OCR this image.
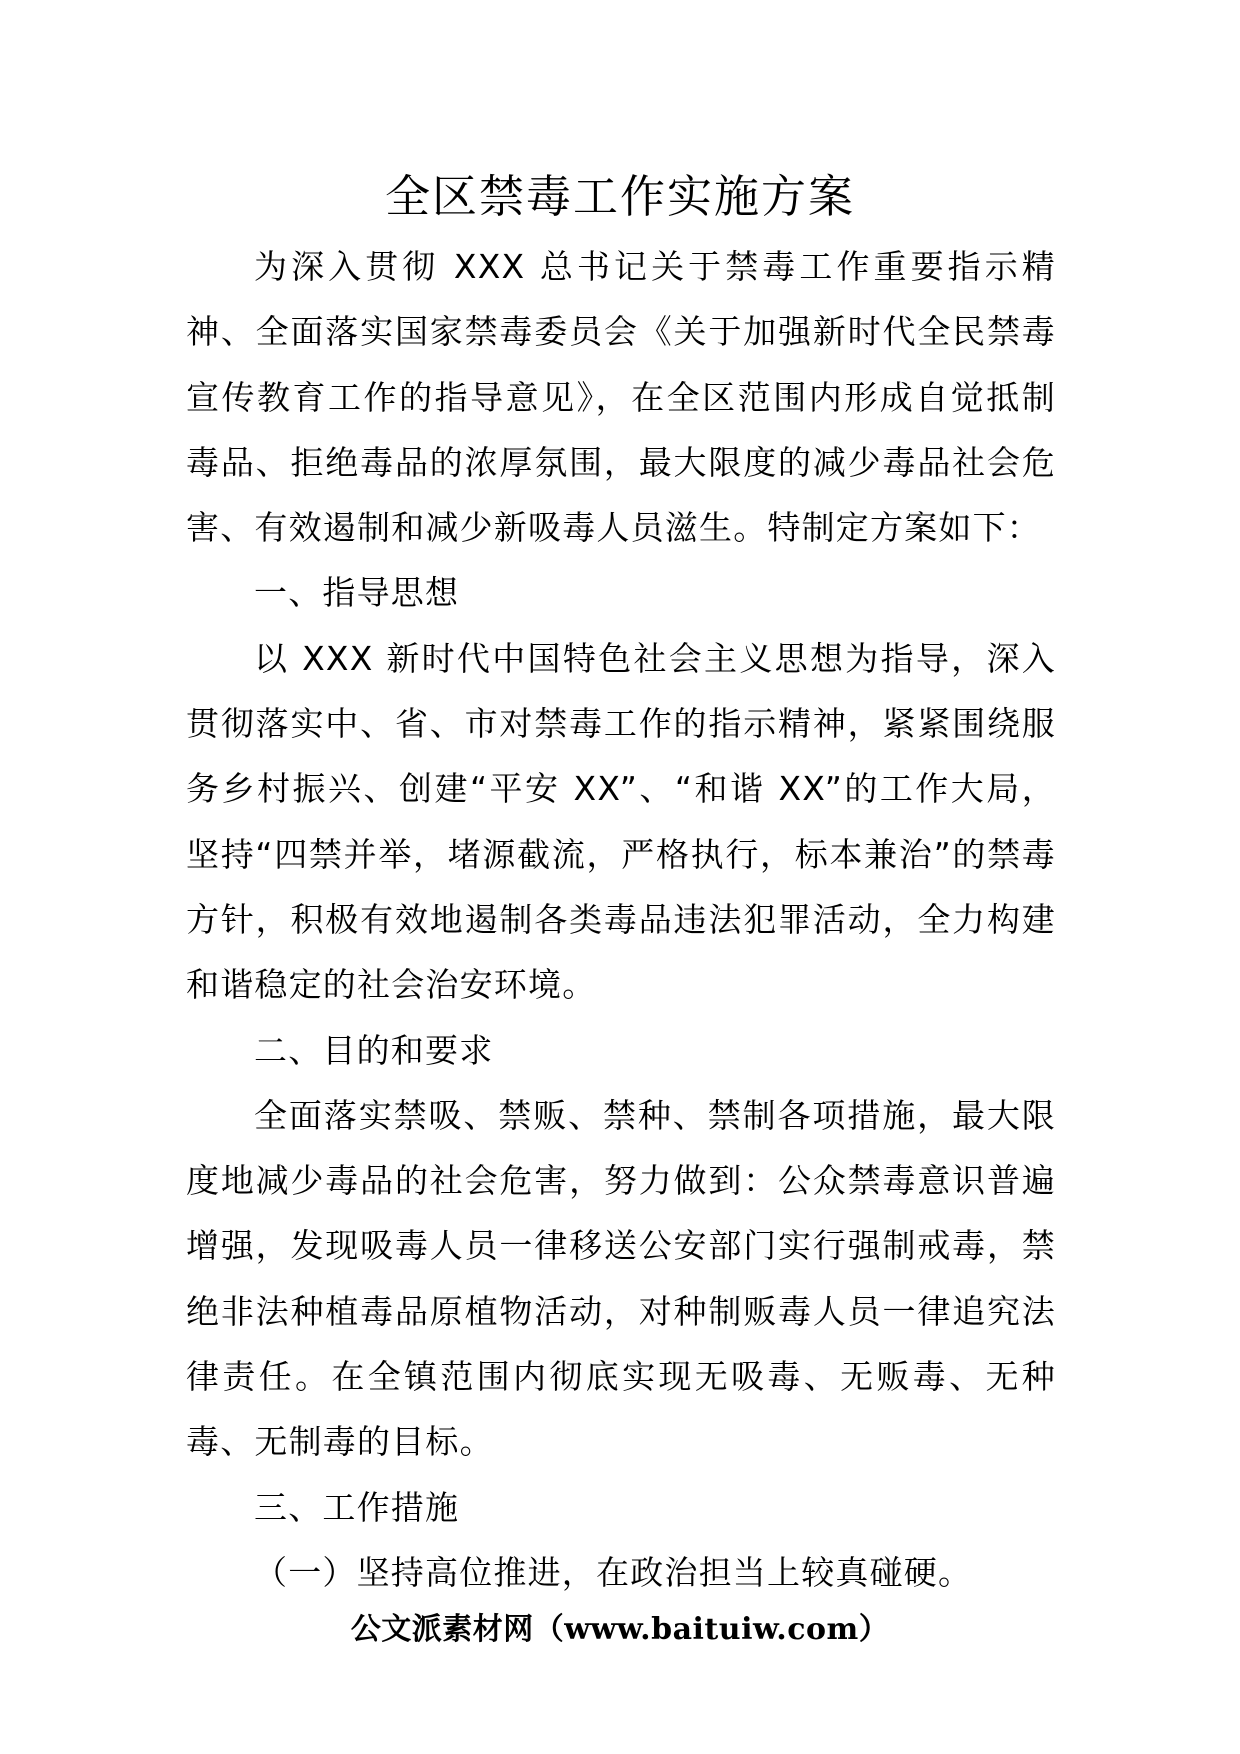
全区禁毒工作实施方案

为深入贯彻 XXX 总书记关于禁毒工作重要指示精神、全面落实国家禁毒委员会《关于加强新时代全民禁毒宣传教育工作的指导意见》，在全区范围内形成自觉抵制毒品、拒绝毒品的浓厚氛围，最大限度的减少毒品社会危害、有效遏制和减少新吸毒人员滋生。特制定方案如下：

一、指导思想

以 XXX 新时代中国特色社会主义思想为指导，深入贯彻落实中、省、市对禁毒工作的指示精神，紧紧围绕服务乡村振兴、创建“平安 XX”、“和谐 XX”的工作大局，坚持“四禁并举，堵源截流，严格执行，标本兼治”的禁毒方针，积极有效地遏制各类毒品违法犯罪活动，全力构建和谐稳定的社会治安环境。

二、目的和要求

全面落实禁吸、禁贩、禁种、禁制各项措施，最大限度地减少毒品的社会危害，努力做到：公众禁毒意识普遍增强，发现吸毒人员一律移送公安部门实行强制戒毒，禁绝非法种植毒品原植物活动，对种制贩毒人员一律追究法律责任。在全镇范围内彻底实现无吸毒、无贩毒、无种毒、无制毒的目标。

三、工作措施

（一）坚持高位推进，在政治担当上较真碰硬。

公文派素材网（www.baituiw.com）
